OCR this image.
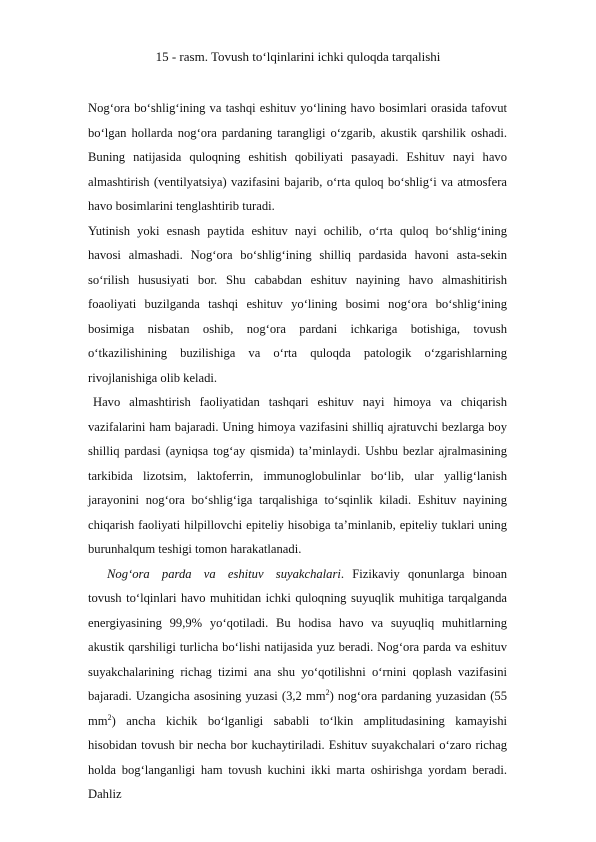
15 - rasm. Tovush to‘lqinlarini ichki quloqda tarqalishi

Nog‘ora bo‘shlig‘ining va tashqi eshituv yo‘lining havo bosimlari orasida tafovut bo‘lgan hollarda nog‘ora pardaning tarangligi o‘zgarib, akustik qarshilik oshadi. Buning natijasida quloqning eshitish qobiliyati pasayadi. Eshituv nayi havo almashtirish (ventilyatsiya) vazifasini bajarib, o‘rta quloq bo‘shlig‘i va atmosfera havo bosimlarini tenglashtirib turadi.

Yutinish yoki esnash paytida eshituv nayi ochilib, o‘rta quloq bo‘shlig‘ining havosi almashadi. Nog‘ora bo‘shlig‘ining shilliq pardasida havoni asta-sekin so‘rilish hususiyati bor. Shu cababdan eshituv nayining havo almashitirish foaoliyati buzilganda tashqi eshituv yo‘lining bosimi nog‘ora bo‘shlig‘ining bosimiga nisbatan oshib, nog‘ora pardani ichkariga botishiga, tovush o‘tkazilishining buzilishiga va o‘rta quloqda patologik o‘zgarishlarning rivojlanishiga olib keladi.

Havo almashtirish faoliyatidan tashqari eshituv nayi himoya va chiqarish vazifalarini ham bajaradi. Uning himoya vazifasini shilliq ajratuvchi bezlarga boy shilliq pardasi (ayniqsa tog‘ay qismida) ta’minlaydi. Ushbu bezlar ajralmasining tarkibida lizotsim, laktoferrin, immunoglobulinlar bo‘lib, ular yallig‘lanish jarayonini nog‘ora bo‘shlig‘iga tarqalishiga to‘sqinlik kiladi. Eshituv nayining chiqarish faoliyati hilpillovchi epiteliy hisobiga ta’minlanib, epiteliy tuklari uning burunhalqum teshigi tomon harakatlanadi.

Nog‘ora parda va eshituv suyakchalari. Fizikaviy qonunlarga binoan tovush to‘lqinlari havo muhitidan ichki quloqning suyuqlik muhitiga tarqalganda energiyasining 99,9% yo‘qotiladi. Bu hodisa havo va suyuqliq muhitlarning akustik qarshiligi turlicha bo‘lishi natijasida yuz beradi. Nog‘ora parda va eshituv suyakchalarining richag tizimi ana shu yo‘qotilishni o‘rnini qoplash vazifasini bajaradi. Uzangicha asosining yuzasi (3,2 $mm^2$) nog‘ora pardaning yuzasidan (55 $mm^2$) ancha kichik bo‘lganligi sababli to‘lkin amplitudasining kamayishi hisobidan tovush bir necha bor kuchaytiriladi. Eshituv suyakchalari o‘zaro richag holda bog‘langanligi ham tovush kuchini ikki marta oshirishga yordam beradi. Dahliz
